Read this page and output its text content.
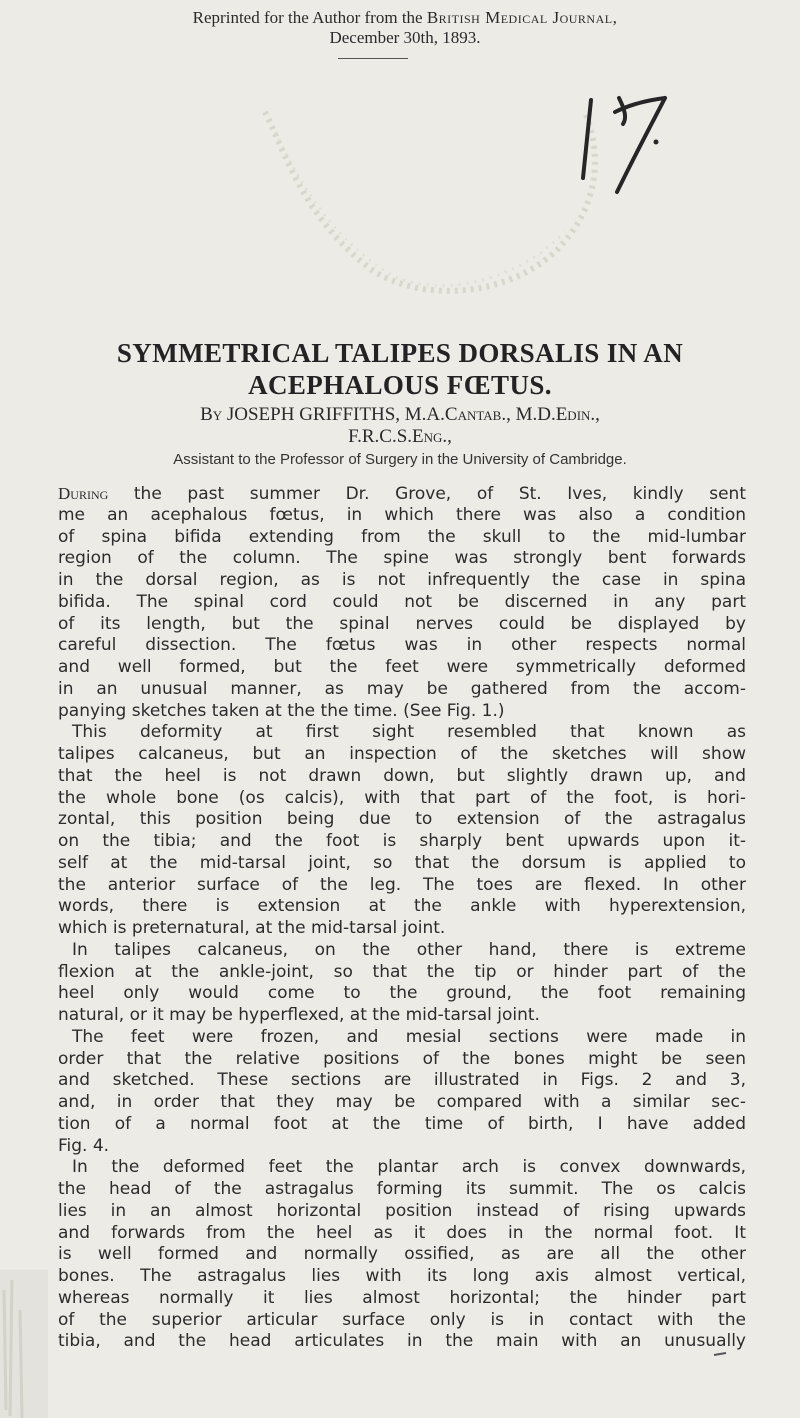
Reprinted for the Author from the British Medical Journal,
December 30th, 1893.
SYMMETRICAL TALIPES DORSALIS IN AN
ACEPHALOUS FŒTUS.
By JOSEPH GRIFFITHS, M.A.Cantab., M.D.Edin.,
F.R.C.S.Eng.,
Assistant to the Professor of Surgery in the University of Cambridge.
During the past summer Dr. Grove, of St. Ives, kindly sent
me an acephalous fœtus, in which there was also a condition
of spina bifida extending from the skull to the mid-lumbar
region of the column. The spine was strongly bent forwards
in the dorsal region, as is not infrequently the case in spina
bifida. The spinal cord could not be discerned in any part
of its length, but the spinal nerves could be displayed by
careful dissection. The fœtus was in other respects normal
and well formed, but the feet were symmetrically deformed
in an unusual manner, as may be gathered from the accom-
panying sketches taken at the the time. (See Fig. 1.)
This deformity at first sight resembled that known as
talipes calcaneus, but an inspection of the sketches will show
that the heel is not drawn down, but slightly drawn up, and
the whole bone (os calcis), with that part of the foot, is hori-
zontal, this position being due to extension of the astragalus
on the tibia; and the foot is sharply bent upwards upon it-
self at the mid-tarsal joint, so that the dorsum is applied to
the anterior surface of the leg. The toes are flexed. In other
words, there is extension at the ankle with hyperextension,
which is preternatural, at the mid-tarsal joint.
In talipes calcaneus, on the other hand, there is extreme
flexion at the ankle-joint, so that the tip or hinder part of the
heel only would come to the ground, the foot remaining
natural, or it may be hyperflexed, at the mid-tarsal joint.
The feet were frozen, and mesial sections were made in
order that the relative positions of the bones might be seen
and sketched. These sections are illustrated in Figs. 2 and 3,
and, in order that they may be compared with a similar sec-
tion of a normal foot at the time of birth, I have added
Fig. 4.
In the deformed feet the plantar arch is convex downwards,
the head of the astragalus forming its summit. The os calcis
lies in an almost horizontal position instead of rising upwards
and forwards from the heel as it does in the normal foot. It
is well formed and normally ossified, as are all the other
bones. The astragalus lies with its long axis almost vertical,
whereas normally it lies almost horizontal; the hinder part
of the superior articular surface only is in contact with the
tibia, and the head articulates in the main with an unusually
